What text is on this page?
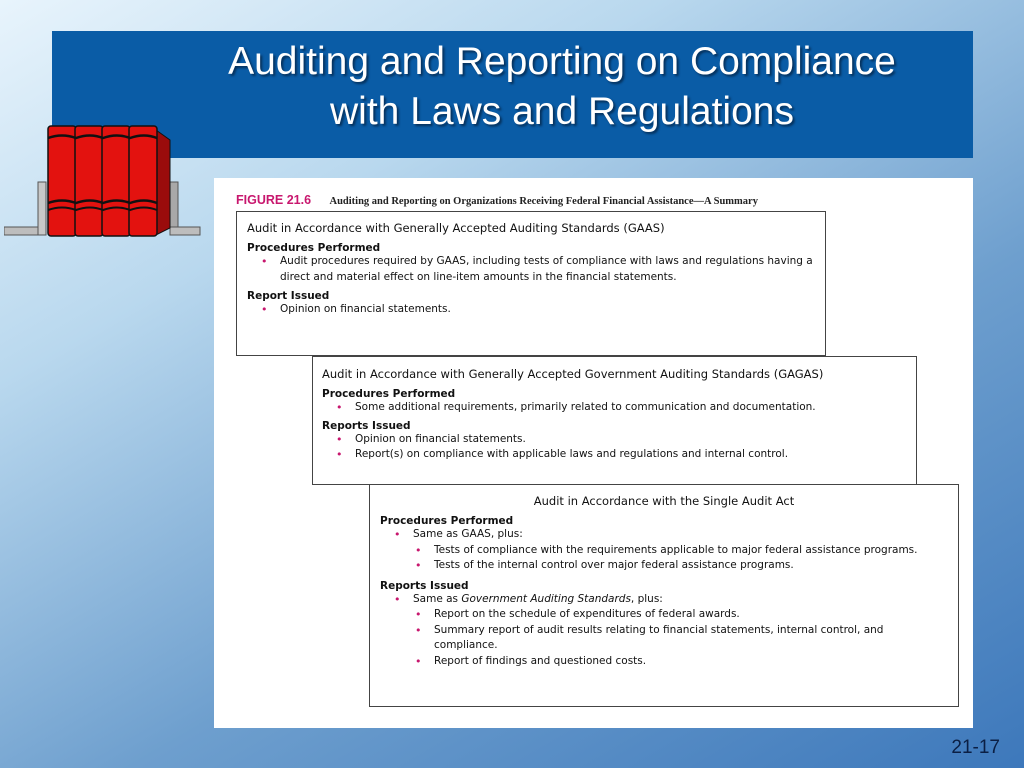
Auditing and Reporting on Compliance
with Laws and Regulations
FIGURE 21.6 Auditing and Reporting on Organizations Receiving Federal Financial Assistance—A Summary
Audit in Accordance with Generally Accepted Auditing Standards (GAAS)
Procedures Performed
• Audit procedures required by GAAS, including tests of compliance with laws and regulations having a direct and material effect on line-item amounts in the financial statements.
Report Issued
• Opinion on financial statements.
Audit in Accordance with Generally Accepted Government Auditing Standards (GAGAS)
Procedures Performed
• Some additional requirements, primarily related to communication and documentation.
Reports Issued
• Opinion on financial statements.
• Report(s) on compliance with applicable laws and regulations and internal control.
Audit in Accordance with the Single Audit Act
Procedures Performed
• Same as GAAS, plus:
• Tests of compliance with the requirements applicable to major federal assistance programs.
• Tests of the internal control over major federal assistance programs.
Reports Issued
• Same as Government Auditing Standards, plus:
• Report on the schedule of expenditures of federal awards.
• Summary report of audit results relating to financial statements, internal control, and compliance.
• Report of findings and questioned costs.
21-17
